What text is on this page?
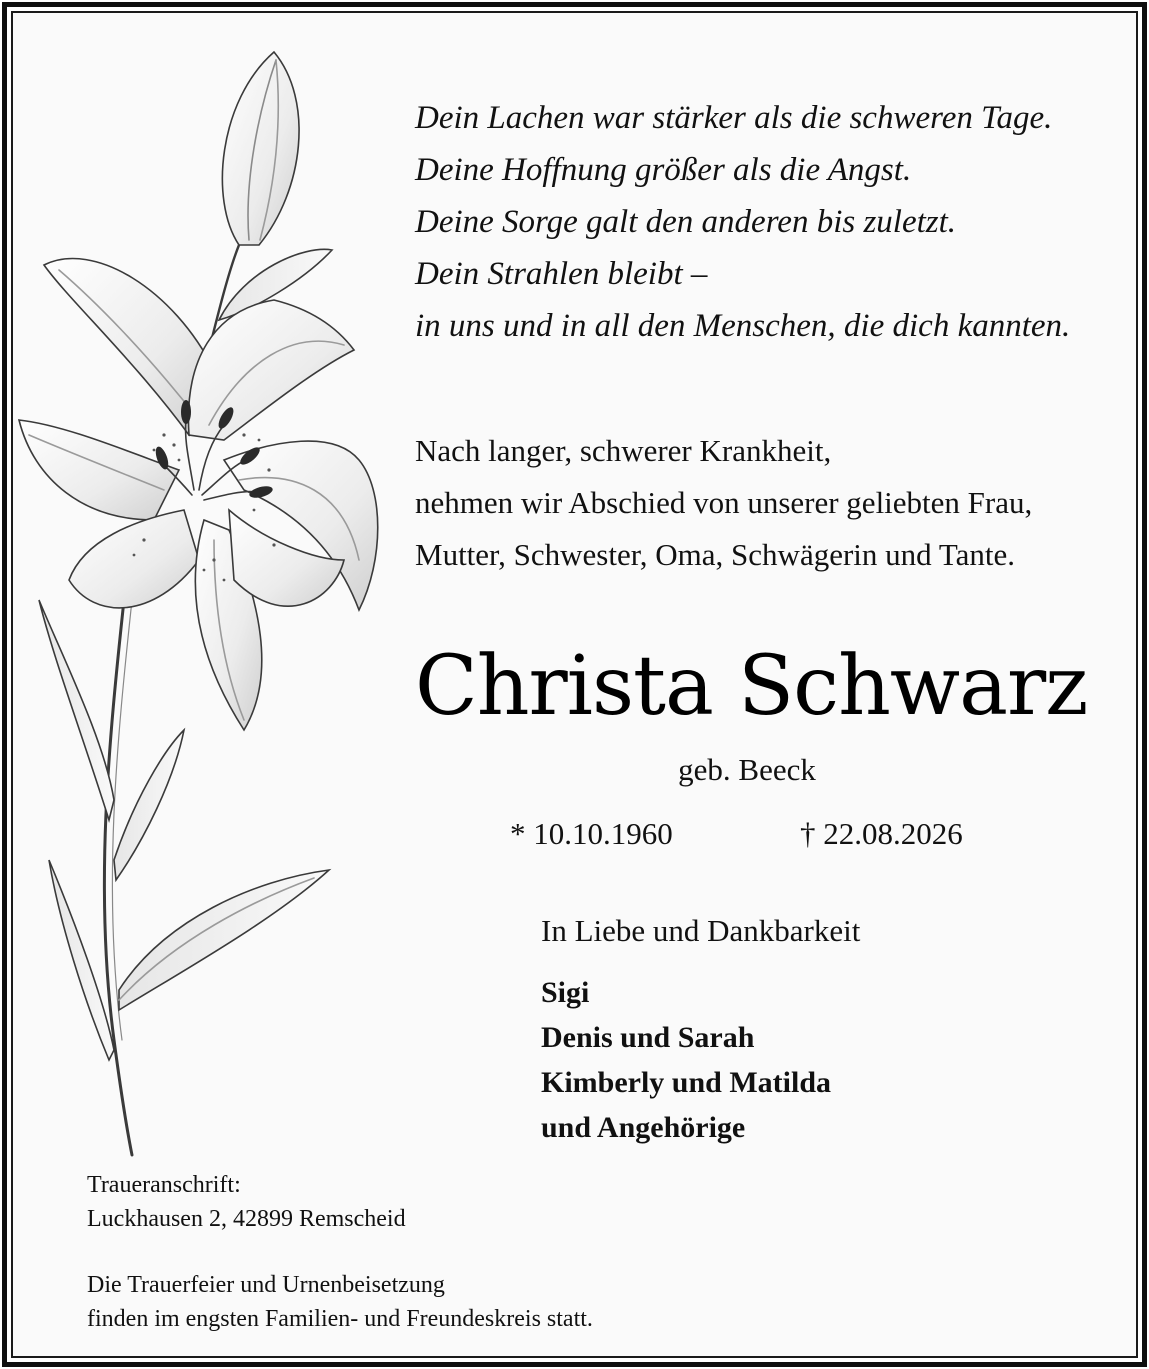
Dein Lachen war stärker als die schweren Tage.
Deine Hoffnung größer als die Angst.
Deine Sorge galt den anderen bis zuletzt.
Dein Strahlen bleibt –
in uns und in all den Menschen, die dich kannten.
Nach langer, schwerer Krankheit,
nehmen wir Abschied von unserer geliebten Frau,
Mutter, Schwester, Oma, Schwägerin und Tante.
Christa Schwarz
geb. Beeck
* 10.10.1960	† 22.08.2026
In Liebe und Dankbarkeit
Sigi
Denis und Sarah
Kimberly und Matilda
und Angehörige
Traueranschrift:
Luckhausen 2, 42899 Remscheid
Die Trauerfeier und Urnenbeisetzung
finden im engsten Familien- und Freundeskreis statt.
